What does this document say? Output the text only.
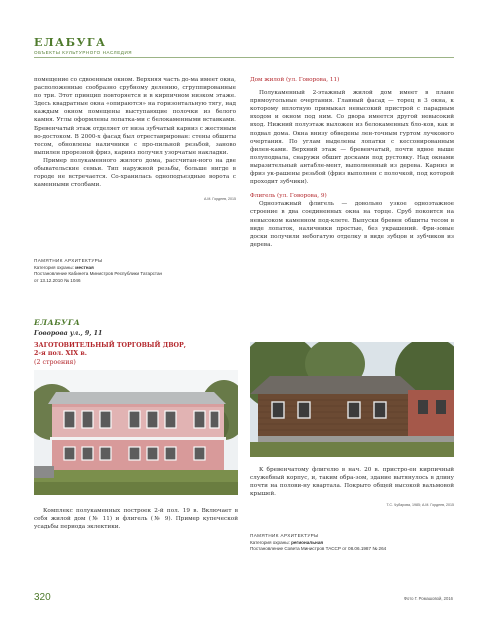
ЕЛАБУГА
ОБЪЕКТЫ КУЛЬТУРНОГО НАСЛЕДИЯ

помещение со сдвоенным окном. Верхняя часть до-ма имеет окна, расположенные сообразно срубному делению, сгруппированные по три. Этот принцип повторяется и в кирпичном низком этаже. Здесь квадратные окна «опираются» на горизонтальную тягу, над каждым окном помещены выступающие полочки из белого камня. Углы оформлены лопатка-ми с белокаменными вставками. Бревенчатый этаж отделяет от низа зубчатый карниз с жестяным во-достоком. В 2000-х фасад был отреставрирован: стены обшиты тесом, обновлены наличники с про-пильной резьбой, заново выпилен прорезной фриз, карниз получил узорчатые накладки.

Пример полукаменного жилого дома, рассчитан-ного на две обывательские семьи. Тип наружной резьбы, больше нигде в городе не встречается. Со-хранилась одноподъездные ворота с каменными столбами.

А.М. Гордеев, 2015
ПАМЯТНИК АРХИТЕКТУРЫ
Категория охраны: местная
Постановление Кабинета Министров Республики Татарстан
от 13.12.2010 № 1046
ЕЛАБУГА
Говорова ул., 9, 11
ЗАГОТОВИТЕЛЬНЫЙ ТОРГОВЫЙ ДВОР,
2-я пол. XIX в.
(2 строения)

Дом жилой (ул. Говорова, 11)

Полукаменный 2-этажный жилой дом имеет в плане прямоугольные очертания. Главный фасад — торец в 3 окна, к которому вплотную примыкал невысокий пристрой с парадным входом и окном под ним. Со двора имеется другой невысокий вход. Нижний полуэтаж выложен из белокаменных бло-ков, как и подвал дома. Окна внизу обведены лен-точным гуртом лучкового очертания. По углам выделены лопатки с кессонированным филен-ками. Верхний этаж — бревенчатый, почти вдвое выше полуподвала, снаружи обшит досками под рустовку. Над окнами выразительный антабле-мент, выполненный из дерева. Карниз и фриз ук-рашены резьбой (фриз выполнен с полочкой, под которой проходит зубчики).

Флигель (ул. Говорова, 9)

Одноэтажный флигель — довольно узкое одноэтажное строение в два соединенных окна на торце. Сруб покоится на невысоком каменном под-клете. Выпуски бревен обшиты тесом в виде лопаток, наличники простые, без украшений. Фри-зовые доски получили небогатую отделку в виде зубцов и зубчиков из дерева.

К бревенчатому флигелю в нач. 20 в. пристро-ен кирпичный служебный корпус, и, таким обра-зом, здание вытянулось в длину почти на полови-ну квартала. Покрыто общей высокой вальмовой крышей.

Т.С. Чубарова, 1985; А.М. Гордеев, 2015
ПАМЯТНИК АРХИТЕКТУРЫ
Категория охраны: региональная
Постановление Совета Министров ТАССР от 08.06.1987 № 264

Комплекс полукаменных построек 2-й пол. 19 в. Включает в себя жилой дом (№ 11) и флигель (№ 9). Пример купеческой усадьбы периода эклектики.

320	Фото Г. Ромашовой, 2016
